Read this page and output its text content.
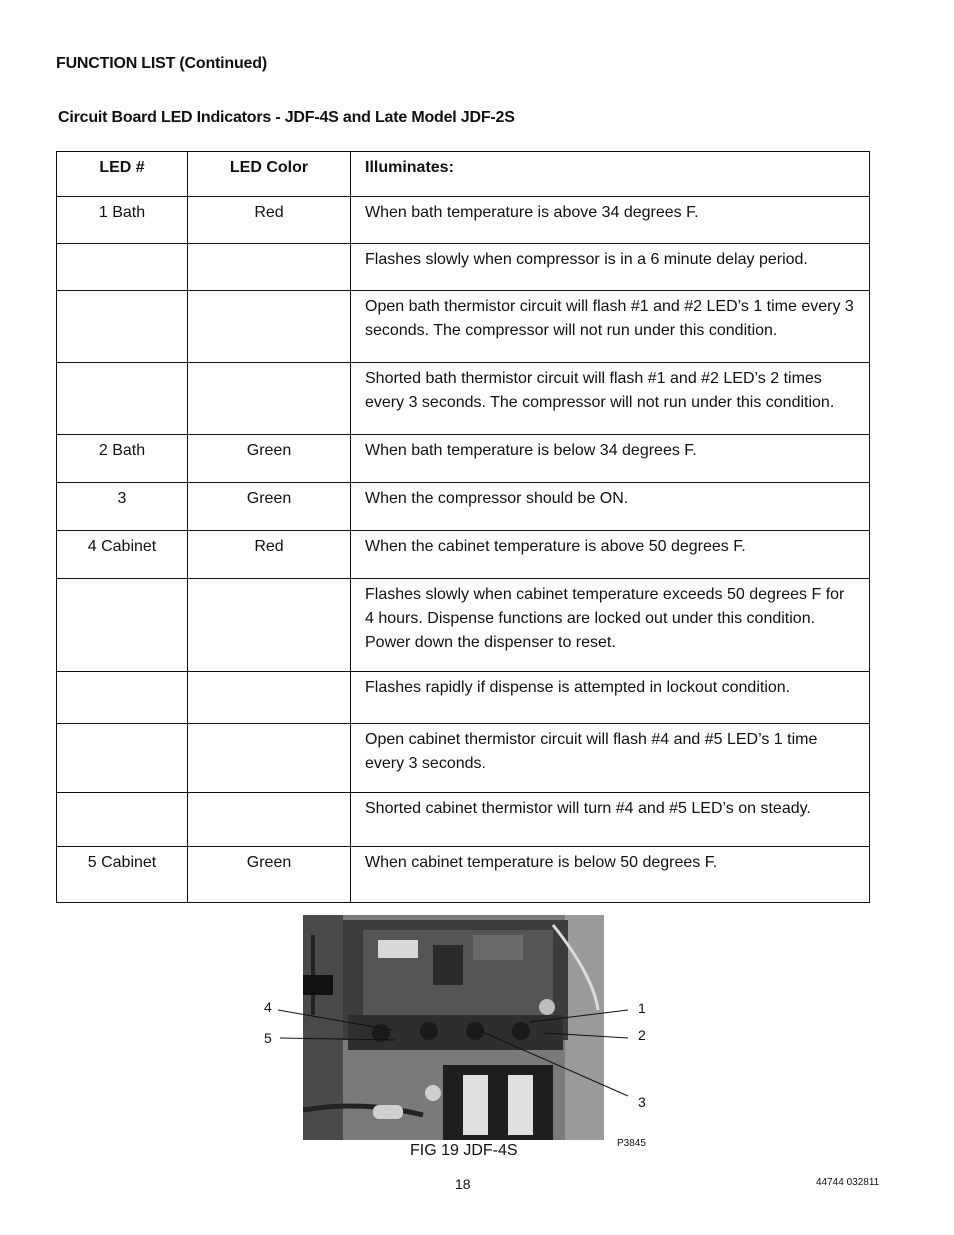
FUNCTION LIST (Continued)
Circuit Board LED Indicators - JDF-4S and Late Model JDF-2S
LED #	LED Color	Illuminates:
1 Bath	Red	When bath temperature is above 34 degrees F.
		Flashes slowly when compressor is in a 6 minute delay period.
		Open bath thermistor circuit will flash #1 and #2 LED’s 1 time every 3 seconds. The compressor will not run under this condition.
		Shorted bath thermistor circuit will flash #1 and #2 LED’s 2 times every 3 seconds. The compressor will not run under this condition.
2 Bath	Green	When bath temperature is below 34 degrees F.
3	Green	When the compressor should be ON.
4 Cabinet	Red	When the cabinet temperature is above 50 degrees F.
		Flashes slowly when cabinet temperature exceeds 50 degrees F for 4 hours. Dispense functions are locked out under this condition. Power down the dispenser to reset.
		Flashes rapidly if dispense is attempted in lockout condition.
		Open cabinet thermistor circuit will flash #4 and #5 LED’s 1 time every 3 seconds.
		Shorted cabinet thermistor will turn #4 and #5 LED’s on steady.
5 Cabinet	Green	When cabinet temperature is below 50 degrees F.
4
5
1
2
3
FIG 19 JDF-4S	P3845
18	44744 032811
